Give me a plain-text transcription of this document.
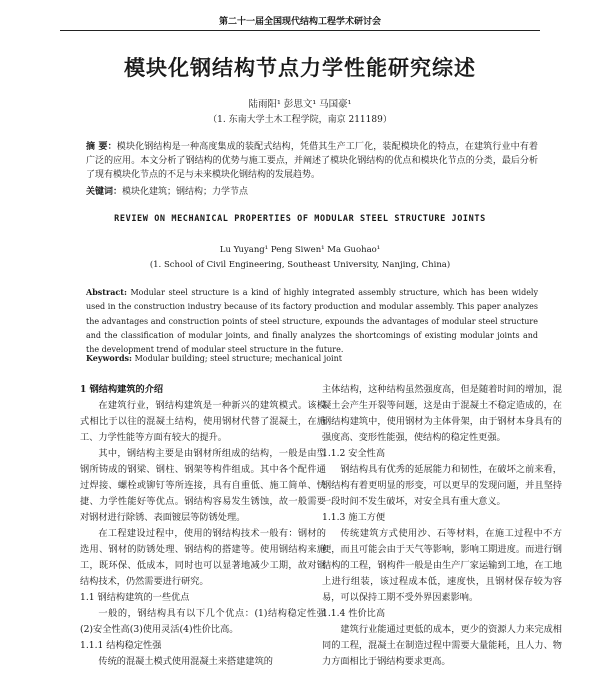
第二十一届全国现代结构工程学术研讨会
模块化钢结构节点力学性能研究综述
陆雨阳¹ 彭思文¹ 马国豪¹
（1. 东南大学土木工程学院，南京 211189）
摘 要：模块化钢结构是一种高度集成的装配式结构，凭借其生产工厂化，装配模块化的特点，在建筑行业中有着广泛的应用。本文分析了钢结构的优势与施工要点，并阐述了模块化钢结构的优点和模块化节点的分类，最后分析了现有模块化节点的不足与未来模块化钢结构的发展趋势。
关键词：模块化建筑；钢结构；力学节点
REVIEW ON MECHANICAL PROPERTIES OF MODULAR STEEL STRUCTURE JOINTS
Lu Yuyang¹ Peng Siwen¹ Ma Guohao¹
(1. School of Civil Engineering, Southeast University, Nanjing, China)
Abstract: Modular steel structure is a kind of highly integrated assembly structure, which has been widely used in the construction industry because of its factory production and modular assembly. This paper analyzes the advantages and construction points of steel structure, expounds the advantages of modular steel structure and the classification of modular joints, and finally analyzes the shortcomings of existing modular joints and the development trend of modular steel structure in the future.
Keywords: Modular building; steel structure; mechanical joint
1 钢结构建筑的介绍

在建筑行业，钢结构建筑是一种新兴的建筑模式。该模式相比于以往的混凝土结构，使用钢材代替了混凝土，在施工、力学性能等方面有较大的提升。

其中，钢结构主要是由钢材所组成的结构，一般是由型钢所铸成的钢梁、钢柱、钢架等构件组成。其中各个配件通过焊接、螺栓或铆钉等所连接，具有自重低、施工简单、快捷、力学性能好等优点。钢结构容易发生锈蚀，故一般需要对钢材进行除锈、表面镀层等防锈处理。

在工程建设过程中，使用的钢结构技术一般有：钢材的选用、钢材的防锈处理、钢结构的搭建等。使用钢结构来施工，既环保、低成本，同时也可以显著地减少工期，故对钢结构技术，仍然需要进行研究。

1.1 钢结构建筑的一些优点

一般的，钢结构具有以下几个优点：(1)结构稳定性强(2)安全性高(3)使用灵活(4)性价比高。

1.1.1 结构稳定性强

传统的混凝土模式使用混凝土来搭建建筑的

主体结构，这种结构虽然强度高，但是随着时间的增加，混凝土会产生开裂等问题，这是由于混凝土不稳定造成的，在钢结构建筑中，使用钢材为主体骨架，由于钢材本身具有的强度高、变形性能强，使结构的稳定性更强。

1.1.2 安全性高

钢结构具有优秀的延展能力和韧性，在破坏之前来看，钢结构有着更明显的形变，可以更早的发现问题，并且坚持一段时间不发生破坏，对安全具有重大意义。

1.1.3 施工方便

传统建筑方式使用沙、石等材料，在施工过程中不方便，而且可能会由于天气等影响，影响工期进度。而进行钢结构的工程，钢构件一般是由生产厂家运输到工地，在工地上进行组装，该过程成本低，速度快，且钢材保存较为容易，可以保持工期不受外界因素影响。

1.1.4 性价比高

建筑行业能通过更低的成本，更少的资源人力来完成相同的工程，混凝土在制造过程中需要大量能耗，且人力、物力方面相比于钢结构要求更高。
